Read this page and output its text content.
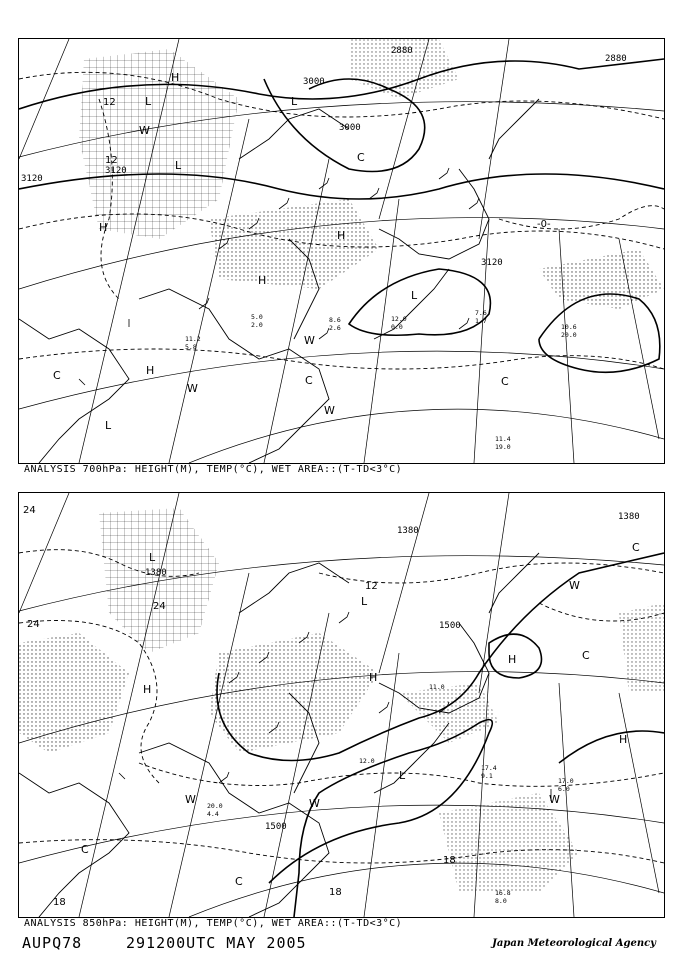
3000
3000
2880
2880
3120
3120
3120
-0-
12
12
H
H
H
L	L
L
L
H
H
L
W
W
W
W
C	C	C
C
7.6
1.7
10.6
20.0
11.4
19.0
5.0
2.0
8.6
2.6
11.2
5.8
12.0
0.0
ANALYSIS 700hPa: HEIGHT(M), TEMP(°C), WET AREA::(T-TD<3°C)
1380
1380
1380
1500
1500
24
24
24
18
18
18
12
H
H
H
L
L
H
L
W
W	W	W
C
C
C
C
17.4
9.1
17.0
6.0
20.0
4.4
16.8
8.0
11.0
12.0
ANALYSIS 850hPa: HEIGHT(M), TEMP(°C), WET AREA::(T-TD<3°C)
AUPQ78	291200UTC MAY 2005	Japan Meteorological Agency
